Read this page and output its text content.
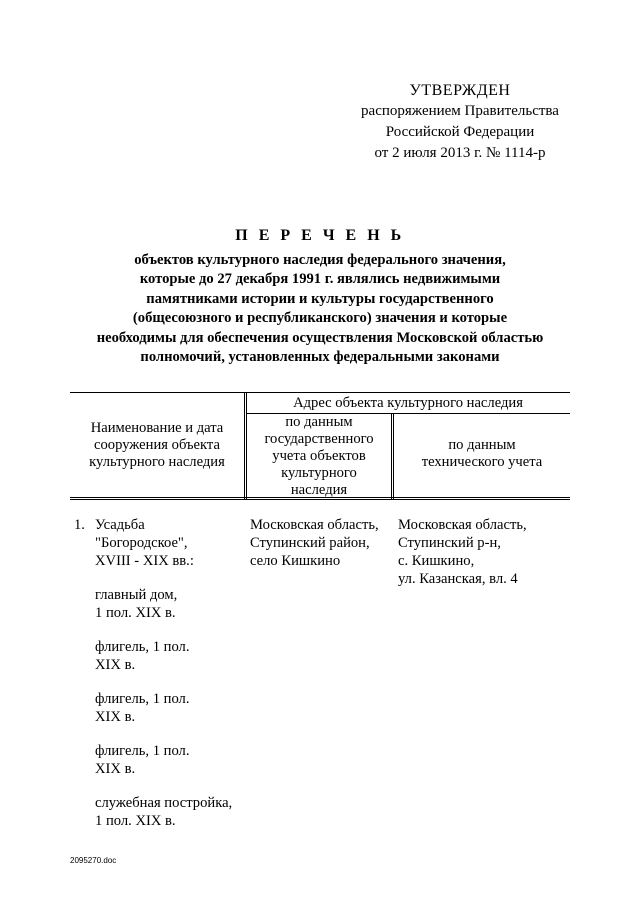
УТВЕРЖДЕН
распоряжением Правительства
Российской Федерации
от 2 июля 2013 г. № 1114-р
П Е Р Е Ч Е Н Ь
объектов культурного наследия федерального значения,
которые до 27 декабря 1991 г. являлись недвижимыми
памятниками истории и культуры государственного
(общесоюзного и республиканского) значения и которые
необходимы для обеспечения осуществления Московской областью
полномочий, установленных федеральными законами
Наименование и дата
сооружения объекта
культурного наследия
Адрес объекта культурного наследия
по данным
государственного
учета объектов
культурного
наследия
по данным
технического учета
1. Усадьба
"Богородское",
XVIII - XIX вв.:
главный дом,
1 пол. XIX в.
флигель, 1 пол.
XIX в.
флигель, 1 пол.
XIX в.
флигель, 1 пол.
XIX в.
служебная постройка,
1 пол. XIX в.
Московская область,
Ступинский район,
село Кишкино
Московская область,
Ступинский р-н,
с. Кишкино,
ул. Казанская, вл. 4
2095270.doc
